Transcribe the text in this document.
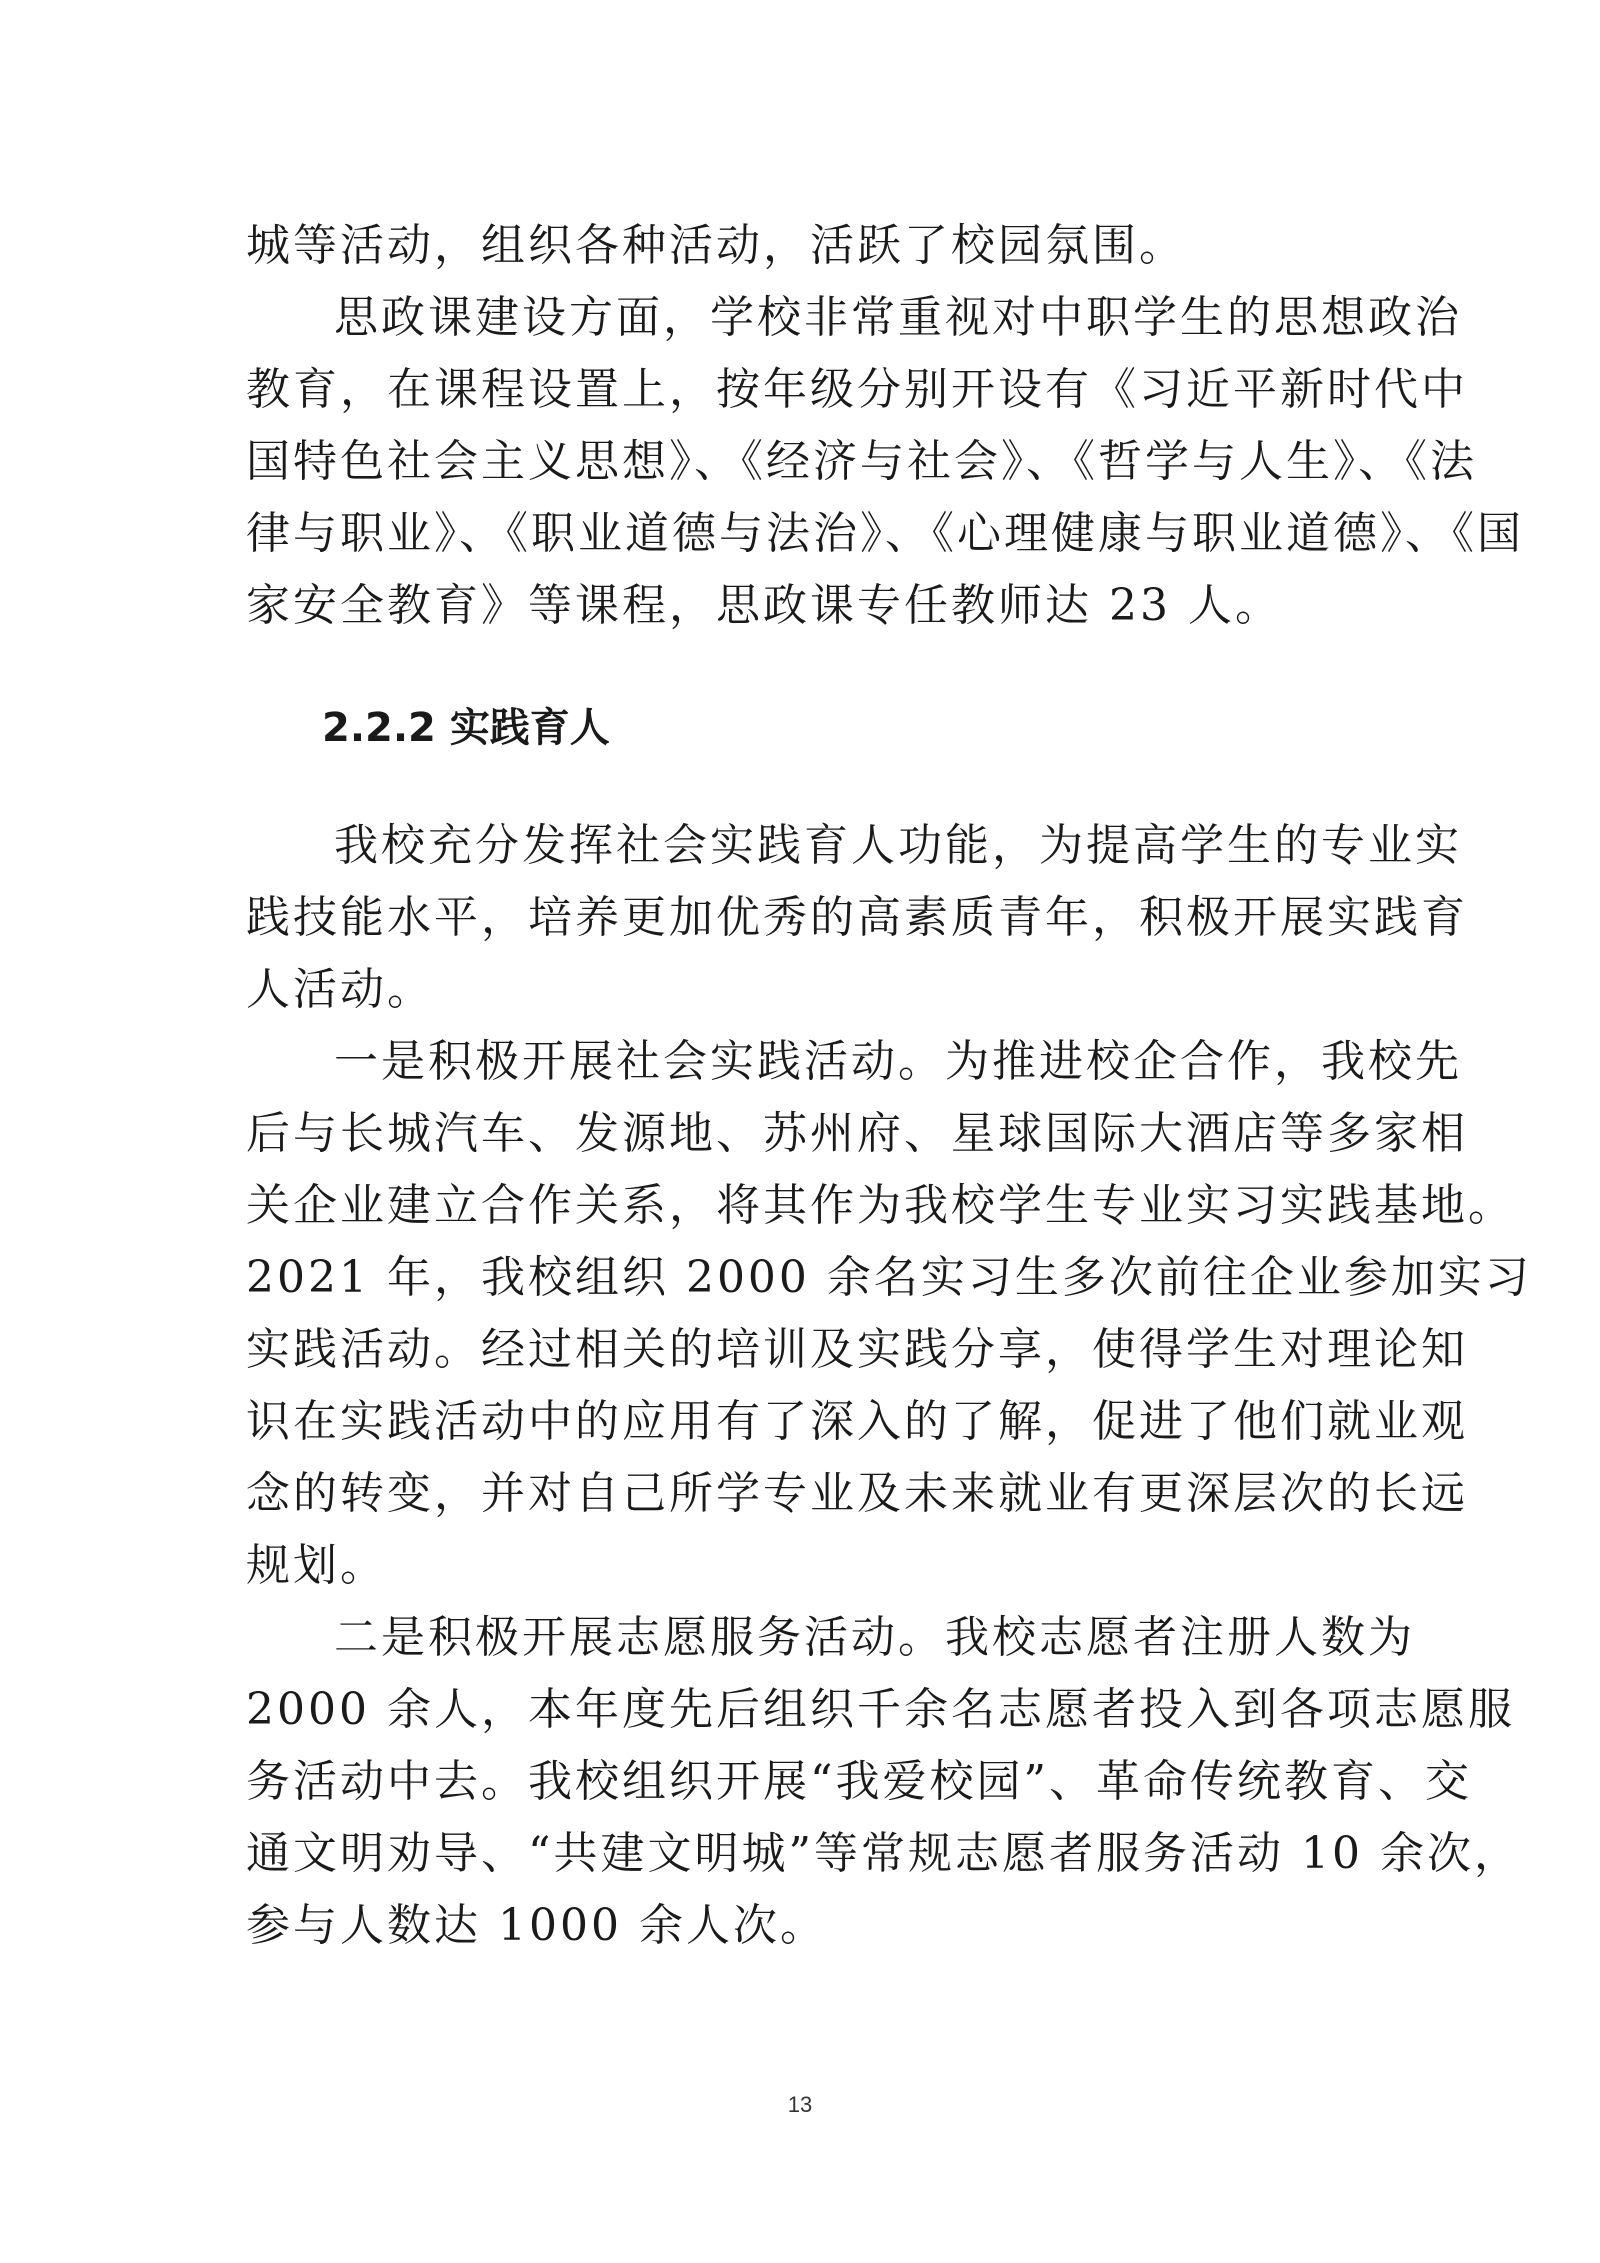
城等活动，组织各种活动，活跃了校园氛围。
思政课建设方面，学校非常重视对中职学生的思想政治
教育，在课程设置上，按年级分别开设有《习近平新时代中
国特色社会主义思想》、《经济与社会》、《哲学与人生》、《法
律与职业》、《职业道德与法治》、《心理健康与职业道德》、《国
家安全教育》等课程，思政课专任教师达 23 人。
2.2.2 实践育人
我校充分发挥社会实践育人功能，为提高学生的专业实
践技能水平，培养更加优秀的高素质青年，积极开展实践育
人活动。
一是积极开展社会实践活动。为推进校企合作，我校先
后与长城汽车、发源地、苏州府、星球国际大酒店等多家相
关企业建立合作关系，将其作为我校学生专业实习实践基地。
2021 年，我校组织 2000 余名实习生多次前往企业参加实习
实践活动。经过相关的培训及实践分享，使得学生对理论知
识在实践活动中的应用有了深入的了解，促进了他们就业观
念的转变，并对自己所学专业及未来就业有更深层次的长远
规划。
二是积极开展志愿服务活动。我校志愿者注册人数为
2000 余人，本年度先后组织千余名志愿者投入到各项志愿服
务活动中去。我校组织开展“我爱校园”、革命传统教育、交
通文明劝导、“共建文明城”等常规志愿者服务活动 10 余次，
参与人数达 1000 余人次。
13
